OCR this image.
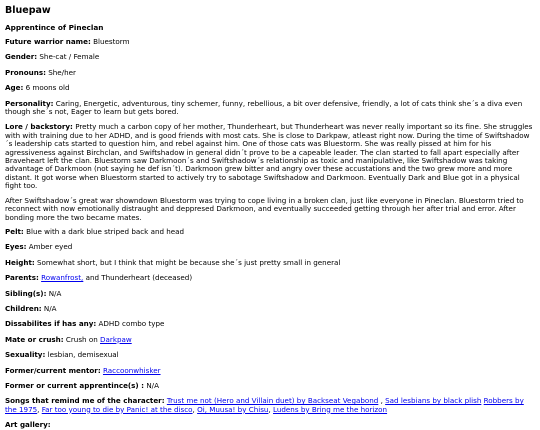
Bluepaw
Apprentince of Pineclan

Future warrior name: Bluestorm

Gender: She-cat / Female

Pronouns: She/her

Age: 6 moons old

Personality: Caring, Energetic, adventurous, tiny schemer, funny, rebellious, a bit over defensive, friendly, a lot of cats think she´s a diva even though she´s not, Eager to learn but gets bored.

Lore / backstory: Pretty much a carbon copy of her mother, Thunderheart, but Thunderheart was never really important so its fine. She struggles with with training due to her ADHD, and is good friends with most cats. She is close to Darkpaw, atleast right now. During the time of Swiftshadow´s leadership cats started to question him, and rebel against him. One of those cats was Bluestorm. She was really pissed at him for his agressiveness against Birchclan, and Swiftshadow in general didn´t prove to be a capeable leader. The clan started to fall apart especially after Braveheart left the clan. Bluestorm saw Darkmoon´s and Swiftshadow´s relationship as toxic and manipulative, like Swiftshadow was taking advantage of Darkmoon (not saying he def isn´t). Darkmoon grew bitter and angry over these accustations and the two grew more and more distant. It got worse when Bluestorm started to actively try to sabotage Swiftshadow and Darkmoon. Eventually Dark and Blue got in a physical fight too.

After Swiftshadow´s great war showndown Bluestorm was trying to cope living in a broken clan, just like everyone in Pineclan. Bluestorm tried to reconnect with now emotionally distraught and deppresed Darkmoon, and eventually succeeded getting through her after trial and error. After bonding more the two became mates.

Pelt: Blue with a dark blue striped back and head

Eyes: Amber eyed

Height: Somewhat short, but I think that might be because she´s just pretty small in general

Parents: Rowanfrost, and Thunderheart (deceased)

Sibling(s): N/A

Children: N/A

Dissabilites if has any: ADHD combo type

Mate or crush: Crush on Darkpaw

Sexuality: lesbian, demisexual

Former/current mentor: Raccoonwhisker

Former or current apprentince(s) : N/A

Songs that remind me of the character: Trust me not (Hero and Villain duet) by Backseat Vegabond , Sad lesbians by black plish Robbers by the 1975, Far too young to die by Panic! at the disco, Oi, Muusa! by Chisu, Ludens by Bring me the horizon

Art gallery:
